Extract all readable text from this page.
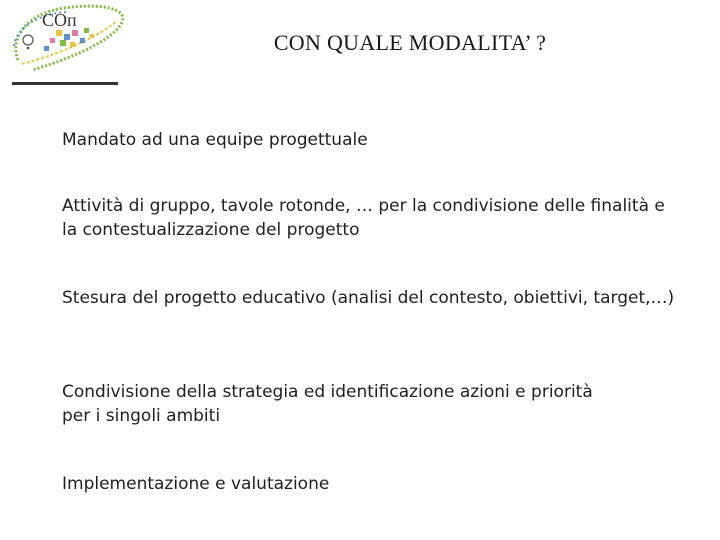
COп
CON QUALE MODALITA’ ?

Mandato ad una equipe progettuale

Attività di gruppo, tavole rotonde, … per la condivisione delle finalità e la contestualizzazione del progetto

Stesura del progetto educativo (analisi del contesto, obiettivi, target,…)

Condivisione della strategia ed identificazione azioni e priorità per i singoli ambiti

Implementazione e valutazione
